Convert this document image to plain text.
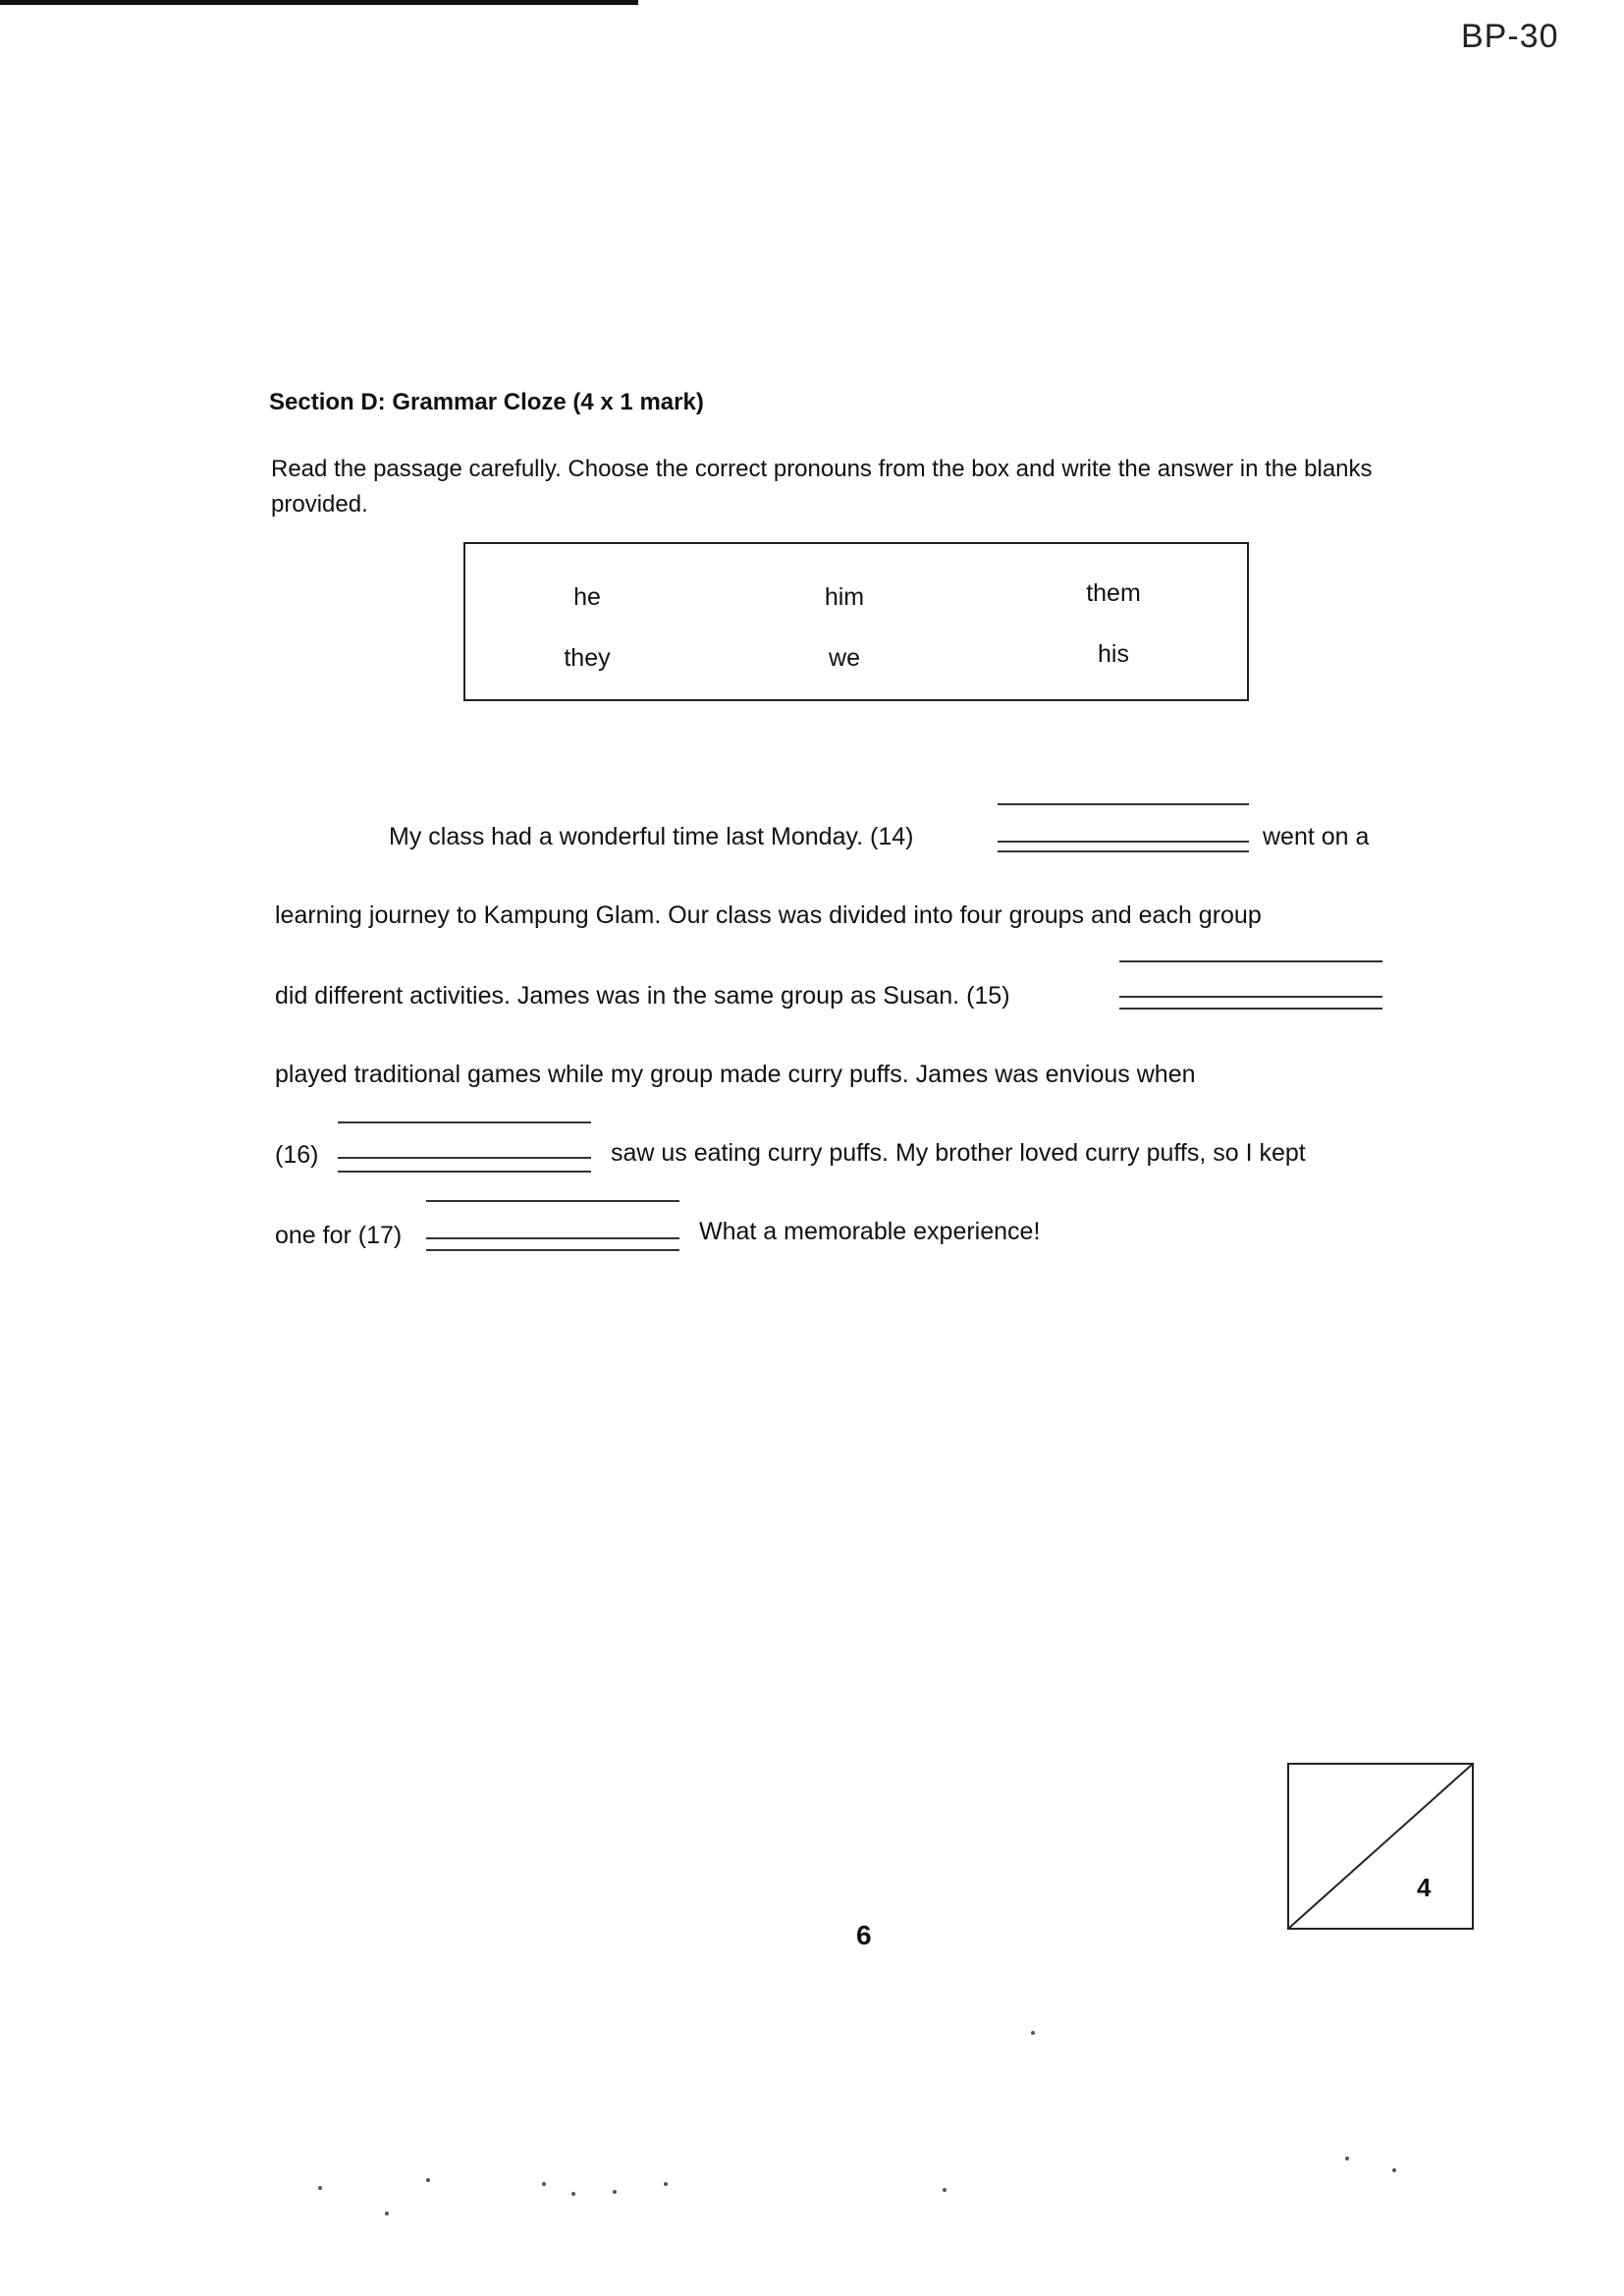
BP-30
Section D: Grammar Cloze (4 x 1 mark)
Read the passage carefully. Choose the correct pronouns from the box and write the answer in the blanks provided.
he	him	them
they	we	his
My class had a wonderful time last Monday. (14)	went on a
learning journey to Kampung Glam. Our class was divided into four groups and each group
did different activities. James was in the same group as Susan. (15)
played traditional games while my group made curry puffs. James was envious when
(16)	saw us eating curry puffs. My brother loved curry puffs, so I kept
one for (17)	What a memorable experience!
6
4
